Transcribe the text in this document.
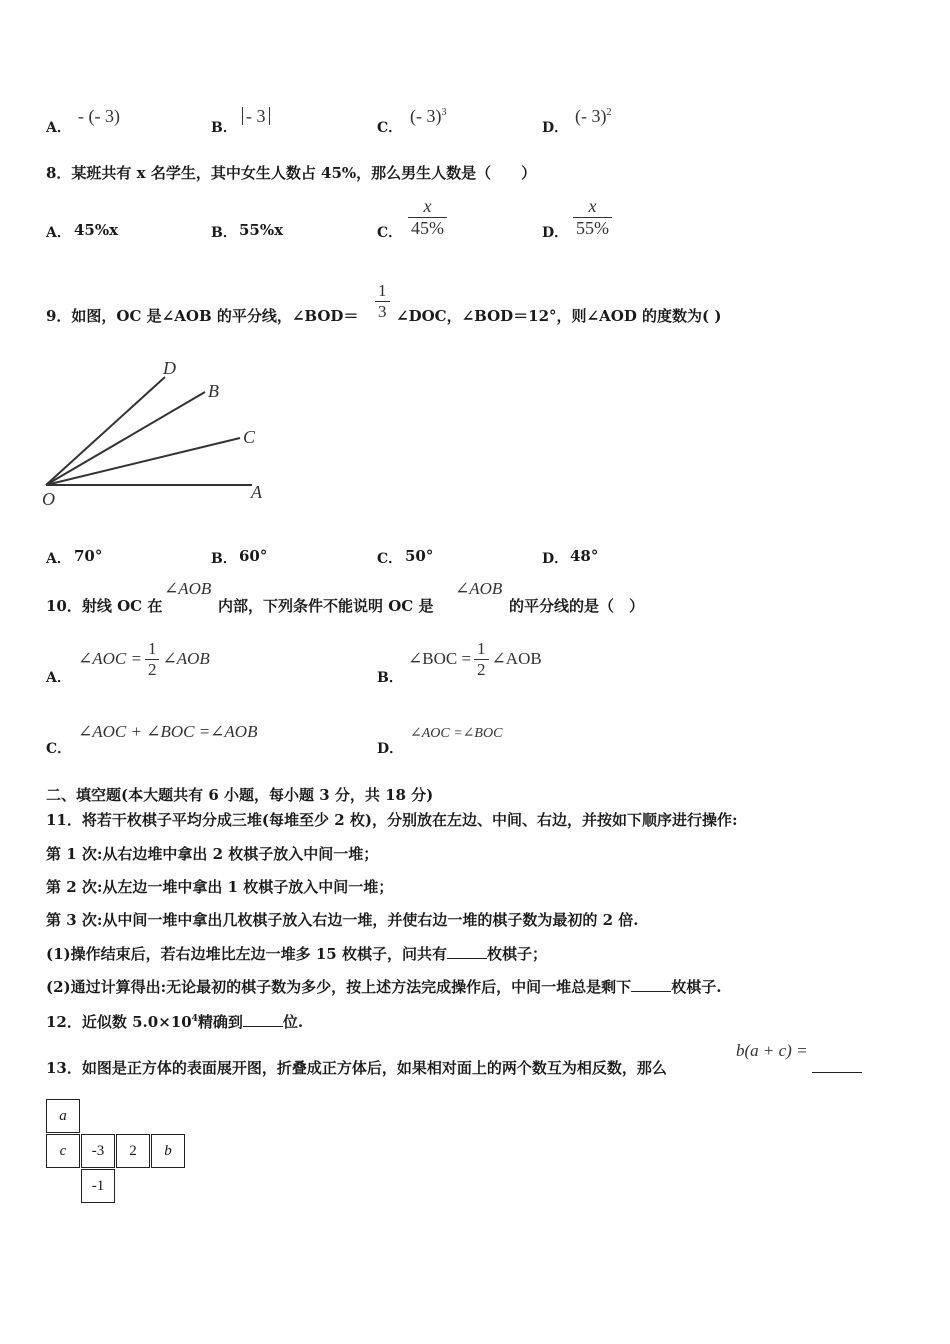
A．
- (- 3)
B．
- 3
C．
(- 3)$^3$
D．
(- 3)$^2$
8．某班共有 x 名学生，其中女生人数占 45%，那么男生人数是（　　）
A． 45%x	B． 55%x	C． $\frac{x}{45\%}$	D． $\frac{x}{55\%}$
9．如图，OC 是∠AOB 的平分线，∠BOD＝ $\frac{1}{3}$ ∠DOC，∠BOD＝12°，则∠AOD 的度数为( )
D
B
C
O	A
A． 70°	B． 60°	C． 50°	D． 48°
10．射线 OC 在
∠AOB
内部，下列条件不能说明 OC 是
∠AOB
的平分线的是（　）
A．
∠AOC = $\frac{1}{2}$ ∠AOB
B．
∠BOC = $\frac{1}{2}$ ∠AOB
C．
∠AOC + ∠BOC =∠AOB
D．
∠AOC =∠BOC
二、填空题(本大题共有 6 小题，每小题 3 分，共 18 分)
11．将若干枚棋子平均分成三堆(每堆至少 2 枚)，分别放在左边、中间、右边，并按如下顺序进行操作:
第 1 次:从右边堆中拿出 2 枚棋子放入中间一堆；
第 2 次:从左边一堆中拿出 1 枚棋子放入中间一堆；
第 3 次:从中间一堆中拿出几枚棋子放入右边一堆，并使右边一堆的棋子数为最初的 2 倍.
(1)操作结束后，若右边堆比左边一堆多 15 枚棋子，问共有	枚棋子；
(2)通过计算得出:无论最初的棋子数为多少，按上述方法完成操作后，中间一堆总是剩下	枚棋子.
12．近似数 $5.0\times 10^4$精确到	位.
13．如图是正方体的表面展开图，折叠成正方体后，如果相对面上的两个数互为相反数，那么
b(a + c) =
a
c	-3	2	b
-1
